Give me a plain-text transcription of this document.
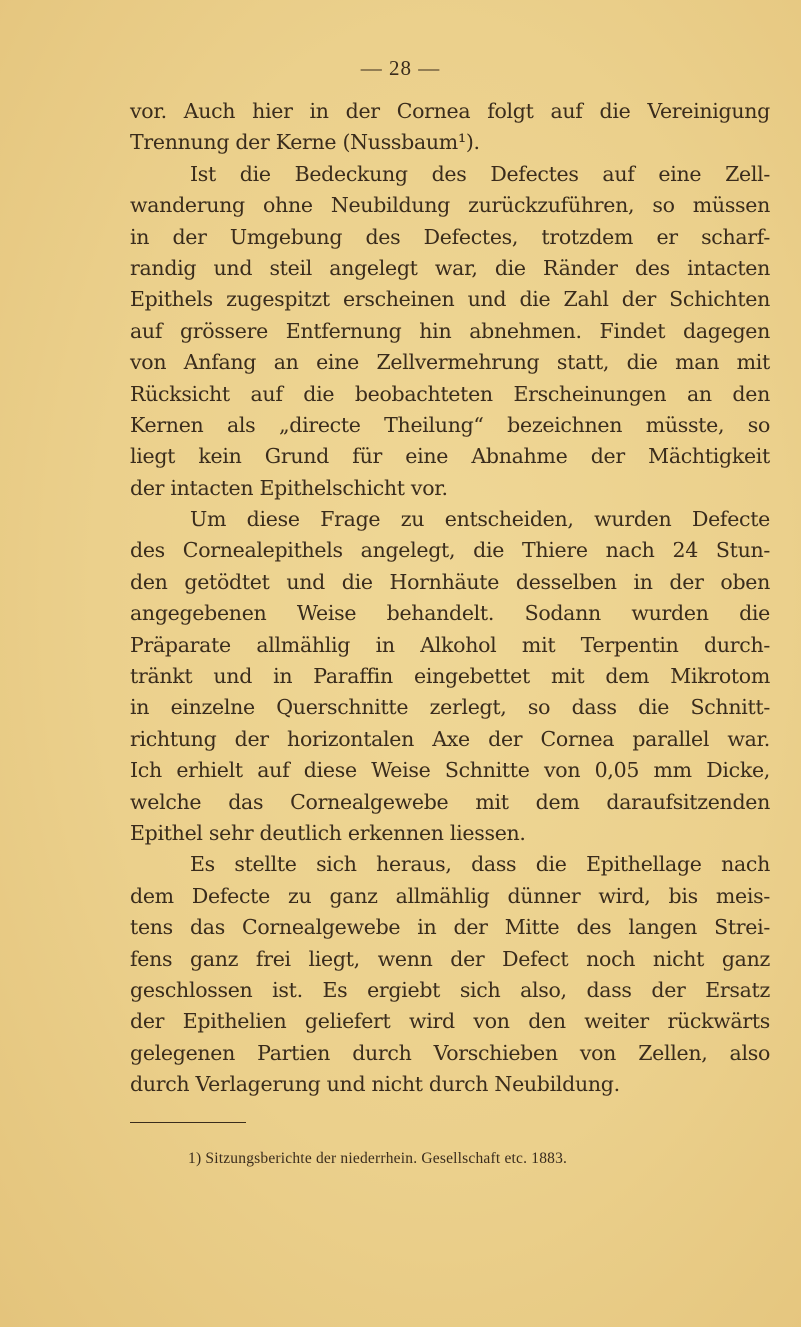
— 28 —
vor. Auch hier in der Cornea folgt auf die Vereinigung
Trennung der Kerne (Nussbaum¹).
Ist die Bedeckung des Defectes auf eine Zell-
wanderung ohne Neubildung zurückzuführen, so müssen
in der Umgebung des Defectes, trotzdem er scharf-
randig und steil angelegt war, die Ränder des intacten
Epithels zugespitzt erscheinen und die Zahl der Schichten
auf grössere Entfernung hin abnehmen. Findet dagegen
von Anfang an eine Zellvermehrung statt, die man mit
Rücksicht auf die beobachteten Erscheinungen an den
Kernen als „directe Theilung“ bezeichnen müsste, so
liegt kein Grund für eine Abnahme der Mächtigkeit
der intacten Epithelschicht vor.
Um diese Frage zu entscheiden, wurden Defecte
des Cornealepithels angelegt, die Thiere nach 24 Stun-
den getödtet und die Hornhäute desselben in der oben
angegebenen Weise behandelt. Sodann wurden die
Präparate allmählig in Alkohol mit Terpentin durch-
tränkt und in Paraffin eingebettet mit dem Mikrotom
in einzelne Querschnitte zerlegt, so dass die Schnitt-
richtung der horizontalen Axe der Cornea parallel war.
Ich erhielt auf diese Weise Schnitte von 0,05 mm Dicke,
welche das Cornealgewebe mit dem daraufsitzenden
Epithel sehr deutlich erkennen liessen.
Es stellte sich heraus, dass die Epithellage nach
dem Defecte zu ganz allmählig dünner wird, bis meis-
tens das Cornealgewebe in der Mitte des langen Strei-
fens ganz frei liegt, wenn der Defect noch nicht ganz
geschlossen ist. Es ergiebt sich also, dass der Ersatz
der Epithelien geliefert wird von den weiter rückwärts
gelegenen Partien durch Vorschieben von Zellen, also
durch Verlagerung und nicht durch Neubildung.
1) Sitzungsberichte der niederrhein. Gesellschaft etc. 1883.
